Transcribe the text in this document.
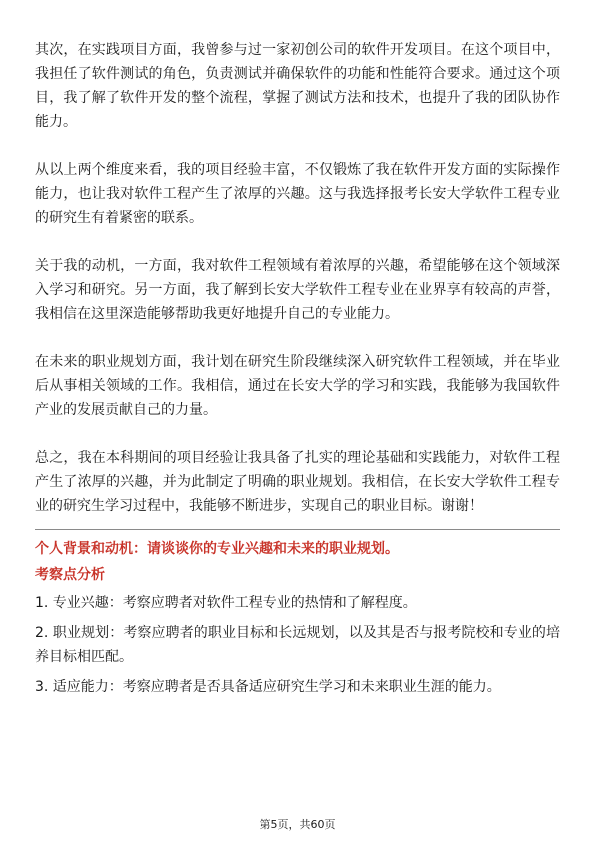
其次，在实践项目方面，我曾参与过一家初创公司的软件开发项目。在这个项目中，我担任了软件测试的角色，负责测试并确保软件的功能和性能符合要求。通过这个项目，我了解了软件开发的整个流程，掌握了测试方法和技术，也提升了我的团队协作能力。

从以上两个维度来看，我的项目经验丰富，不仅锻炼了我在软件开发方面的实际操作能力，也让我对软件工程产生了浓厚的兴趣。这与我选择报考长安大学软件工程专业的研究生有着紧密的联系。

关于我的动机，一方面，我对软件工程领域有着浓厚的兴趣，希望能够在这个领域深入学习和研究。另一方面，我了解到长安大学软件工程专业在业界享有较高的声誉，我相信在这里深造能够帮助我更好地提升自己的专业能力。

在未来的职业规划方面，我计划在研究生阶段继续深入研究软件工程领域，并在毕业后从事相关领域的工作。我相信，通过在长安大学的学习和实践，我能够为我国软件产业的发展贡献自己的力量。

总之，我在本科期间的项目经验让我具备了扎实的理论基础和实践能力，对软件工程产生了浓厚的兴趣，并为此制定了明确的职业规划。我相信，在长安大学软件工程专业的研究生学习过程中，我能够不断进步，实现自己的职业目标。谢谢！

个人背景和动机：请谈谈你的专业兴趣和未来的职业规划。
考察点分析

1. 专业兴趣：考察应聘者对软件工程专业的热情和了解程度。

2. 职业规划：考察应聘者的职业目标和长远规划，以及其是否与报考院校和专业的培养目标相匹配。

3. 适应能力：考察应聘者是否具备适应研究生学习和未来职业生涯的能力。

第5页，共60页
